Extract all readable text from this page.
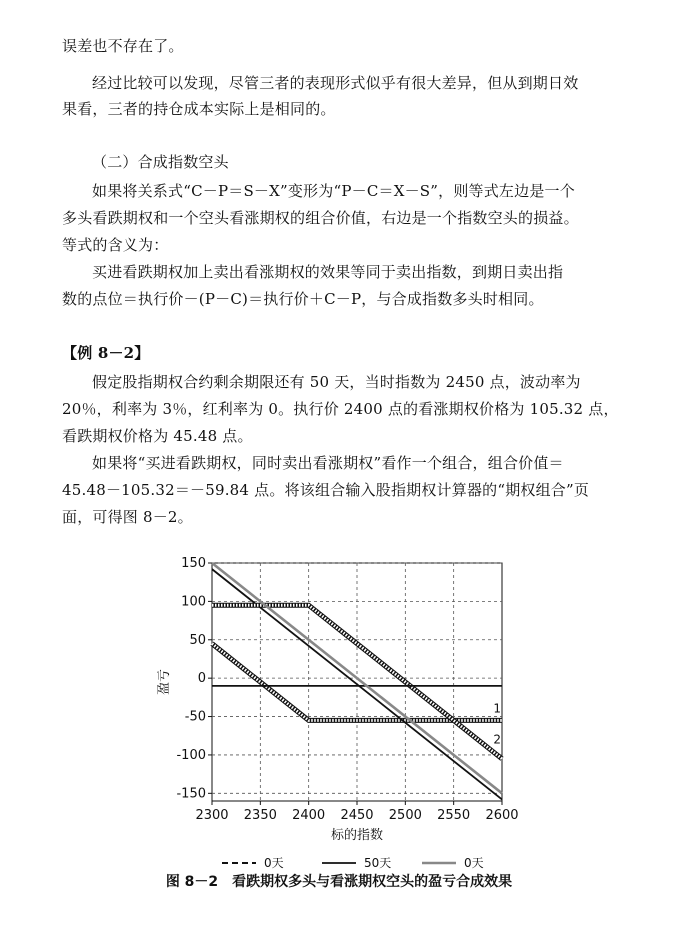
误差也不存在了。
经过比较可以发现，尽管三者的表现形式似乎有很大差异，但从到期日效
果看，三者的持仓成本实际上是相同的。
（二）合成指数空头
如果将关系式“C－P＝S－X”变形为“P－C＝X－S”，则等式左边是一个
多头看跌期权和一个空头看涨期权的组合价值，右边是一个指数空头的损益。
等式的含义为：
买进看跌期权加上卖出看涨期权的效果等同于卖出指数，到期日卖出指
数的点位＝执行价－(P－C)＝执行价＋C－P，与合成指数多头时相同。
【例 8－2】
假定股指期权合约剩余期限还有 50 天，当时指数为 2450 点，波动率为
20％，利率为 3％，红利率为 0。执行价 2400 点的看涨期权价格为 105.32 点，
看跌期权价格为 45.48 点。
如果将“买进看跌期权，同时卖出看涨期权”看作一个组合，组合价值＝
45.48－105.32＝－59.84 点。将该组合输入股指期权计算器的“期权组合”页
面，可得图 8－2。
2300 2350 2400 2450 2500 2550 2600
150
100
50
0
-50
-100
-150
1
2
盈亏
标的指数
0天	50天	0天
图 8－2　看跌期权多头与看涨期权空头的盈亏合成效果
